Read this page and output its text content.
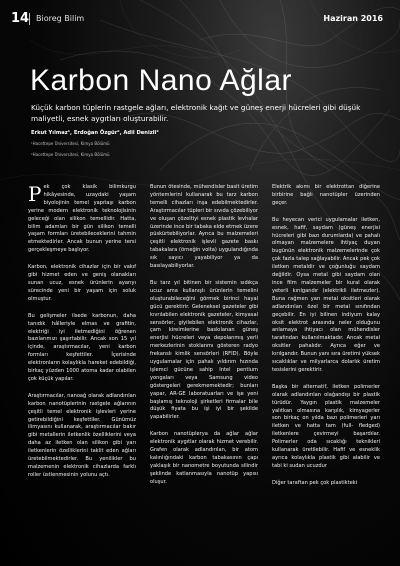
14 Bioreg Bilim	Haziran 2016
Karbon Nano Ağlar
Küçük karbon tüplerin rastgele ağları, elektronik kağıt ve güneş enerji hücreleri gibi düşük maliyetli, esnek aygıtları oluşturabilir.
Erkut Yılmaz¹, Erdoğan Özgür², Adil Denizli²
¹Hacettepe Üniversitesi, Kimya Bölümü
²Hacettepe Üniversitesi, Kimya Bölümü

Pek çok klasik bilimkurgu hikâyesinde, uzaydaki yaşam biyolojinin temel yapıtaşı karbon yerine modern elektronik teknolojisinin geleceği olan silikon temellidir. Hatta, bilim adamları bir gün silikon temelli yaşam formları üretebileceklerini tahmin etmektedirler. Ancak bunun yerine tersi gerçekleşmeye başlıyor.

Karbon, elektronik cihazlar için bir vakıf gibi hizmet eden ve geniş olanakları sunan ucuz, esnek ürünlerin ayarıyı sürecinde yeni bir yaşam için soluk olmuştur.

Bu gelişmeler ilsede karbonun, daha tanıdık hâlleriyle elmas ve grafitin, elektriği iyi iletmediğini öğrenen bazılarımızı şaşırtabilir. Ancak son 15 yıl içinde, araştırmacılar, yeni karbon formları keşfettiler. İçerisinde elektronların kolaylıkla hareket edebildiği, birkaç yüzden 1000 atoma kadar olabilen çok küçük yapılar.

Araştırmacılar, nanoağ olarak adlandırılan karbon nanotüplerinin rastgele ağlarının çeşitli temel elektronik işlevleri yerine getirebildiğini keşfettiler. Günümüz ilimyasını kullanarak, araştırmacılar bakır gibi metallerin iletkenlik özelliklerini veya daha az iletken olan silikon gibi yarı iletkenlerin özelliklerini taklit eden ağları üretebilmektedirler. Bu yenilikler bu malzemenin elektronik cihazlarda farklı roller üstlenmesinin yolunu açtı.

Bunun ötesinde, mühendisler basit üretim yöntemlerini kullanarak bu tarz karbon temelli cihazları inşa edebilmektedirler. Araştırmacılar tüpleri bir sıvıda çözebiliyor ve oluşan çözeltiyi esnek plastik levhalar üzerinde ince bir tabaka elde etmek üzere püskürtebiliyorlar. Ayrıca bu malzemeleri çeşitli elektronik işlevli gazete baskı tabakalara (örneğin volta) uygulandığında sık sayıcı yayabiliyor ya da basılayabiliyorlar.

Bu tarz yıl bitinen bir sistemin sıdıkça ucuz ama kullanışlı ürünlerin temelini oluşturabileceğini görmek birinci hayal gücü gerektirir. Geleneksel gazeteler gibi kıvrılabilen elektronik gazeteler, kimyasal sensörler, giyilebilen elektronik cihazlar, çam kireimlerine baskılanan güneş enerjisi hücreleri veya depolanmış yerli merkezlerinin stoklanmı gösteren radyo frekanslı kimlik sensörleri (RFID). Böyle uygulamalar için pahalı yıldırım hızında işlemci gücüne sahip Intel pentium yongaları veya Samsung video göstergeleri gerekmemektedir; bunları yapar, AR-GE laboratuarları ve işe yeni başlamış teknoloji şirketleri firmalar bile düşük fiyata bu işi iyi bir şekilde yapabilirler.

Karbon nanotüplerya da ağlar ağlar elektronik aygıtlar olarak hizmet verebilir. Grafen olarak adlandırılan, bir atom kalınlığındaki karbon tabakasının çapı yaklaşık bir nanometre boyutunda silindir şeklinde katlanmasıyla nanotüp yapısı oluşur.

Elektrik akımı bir elektrottan diğerine birbirine bağlı nanotüpler üzerinden geçer.

Bu heyecan verici uygulamalar iletken, esnek, hafif, saydam (güneş enerjisi hücreleri gibi bazı durumlarda) ve pahalı olmayan malzemelere ihtiyaç duyan bugünün elektronik malzemelerinde çok çok fazla talep sağlayabilir. Ancak pek çok iletken metaldir ve çoğunluğu saydam değildir. Oysa metal gibi saydam olan ince film malzemeler bir kural olarak yeterli kırılgandır (elektrikli iletmezler). Buna rağmen yarı metal oksitleri olarak adlandırılan özel bir metal sınıfından geçebilir. En iyi bilinen indiyum kalay oksit elektrot arasında neler olduğunu anlamaya ihtiyacı olan mühendisler tarafından kullanılmaktadır. Ancak metal oksitler pahalıdır. Ayrıca eğer ve kırılgandır. Bunun yanı sıra üretimi yüksek sıcaklıklar ve milyarlarca dolarlık üretim tesislerini gerektirir.

Başka bir alternatif, iletken polimerler olarak adlandırılan olağandışı bir plastik türüdür. Yaygın plastik malzemeler yalıtkan olmasına karşılık, kimyagerler son birkaç on yılda bazı polimerleri yarı iletken ve hatta tam (full- fledged) iletkenlere çevirmeyi başardılar. Polimerler oda sıcaklığı teknikleri kullanarak üretilebilir. Hafif ve esneklik ayrıca kolaylıkla plastik gibi alabilir ve tabi ki sudan ucuzdur

Diğer taraftan pek çok plastikteki
